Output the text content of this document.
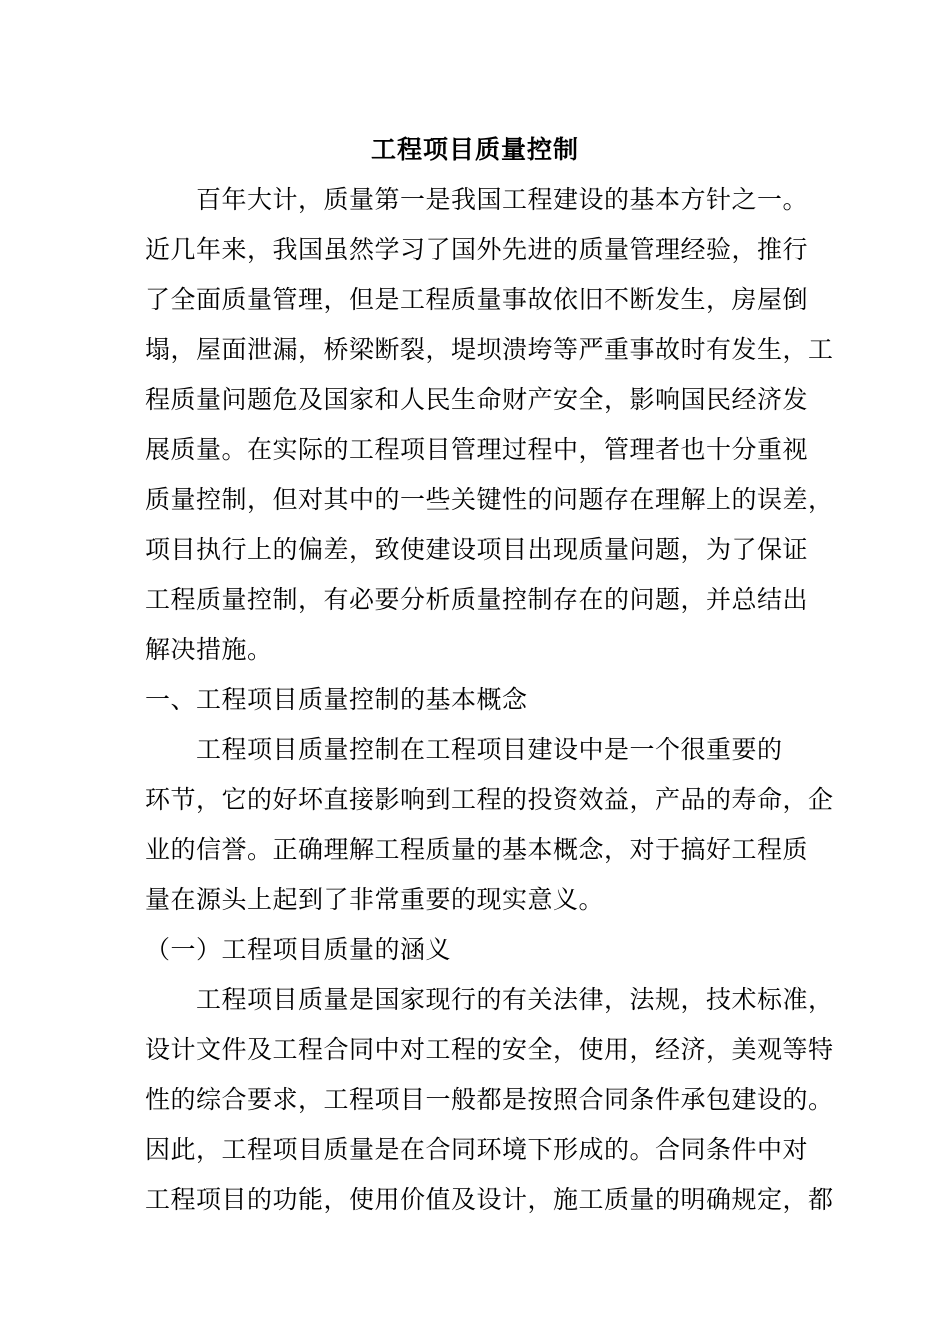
工程项目质量控制
　　百年大计，质量第一是我国工程建设的基本方针之一。
近几年来，我国虽然学习了国外先进的质量管理经验，推行
了全面质量管理，但是工程质量事故依旧不断发生，房屋倒
塌，屋面泄漏，桥梁断裂，堤坝溃垮等严重事故时有发生，工
程质量问题危及国家和人民生命财产安全，影响国民经济发
展质量。在实际的工程项目管理过程中，管理者也十分重视
质量控制，但对其中的一些关键性的问题存在理解上的误差，
项目执行上的偏差，致使建设项目出现质量问题，为了保证
工程质量控制，有必要分析质量控制存在的问题，并总结出
解决措施。
一、工程项目质量控制的基本概念
　　工程项目质量控制在工程项目建设中是一个很重要的
环节，它的好坏直接影响到工程的投资效益，产品的寿命，企
业的信誉。正确理解工程质量的基本概念，对于搞好工程质
量在源头上起到了非常重要的现实意义。
（一）工程项目质量的涵义
　　工程项目质量是国家现行的有关法律，法规，技术标准，
设计文件及工程合同中对工程的安全，使用，经济，美观等特
性的综合要求，工程项目一般都是按照合同条件承包建设的。
因此，工程项目质量是在合同环境下形成的。合同条件中对
工程项目的功能，使用价值及设计，施工质量的明确规定，都
